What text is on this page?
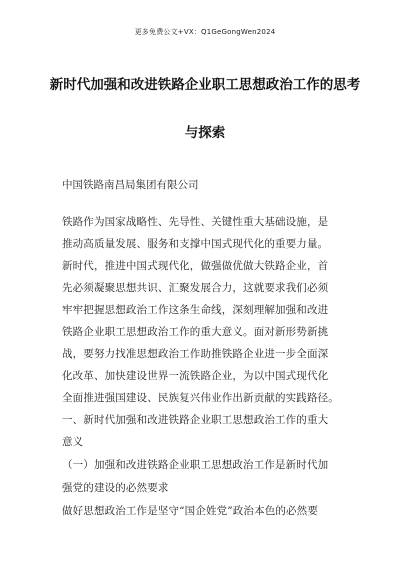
更多免费公文+VX：Q1GeGongWen2024
新时代加强和改进铁路企业职工思想政治工作的思考
与探索
中国铁路南昌局集团有限公司
铁路作为国家战略性、先导性、关键性重大基础设施，是
推动高质量发展、服务和支撑中国式现代化的重要力量。
新时代，推进中国式现代化，做强做优做大铁路企业，首
先必须凝聚思想共识、汇聚发展合力，这就要求我们必须
牢牢把握思想政治工作这条生命线，深刻理解加强和改进
铁路企业职工思想政治工作的重大意义。面对新形势新挑
战，要努力找准思想政治工作助推铁路企业进一步全面深
化改革、加快建设世界一流铁路企业，为以中国式现代化
全面推进强国建设、民族复兴伟业作出新贡献的实践路径。
一、新时代加强和改进铁路企业职工思想政治工作的重大
意义
（一）加强和改进铁路企业职工思想政治工作是新时代加
强党的建设的必然要求
做好思想政治工作是坚守“国企姓党”政治本色的必然要
